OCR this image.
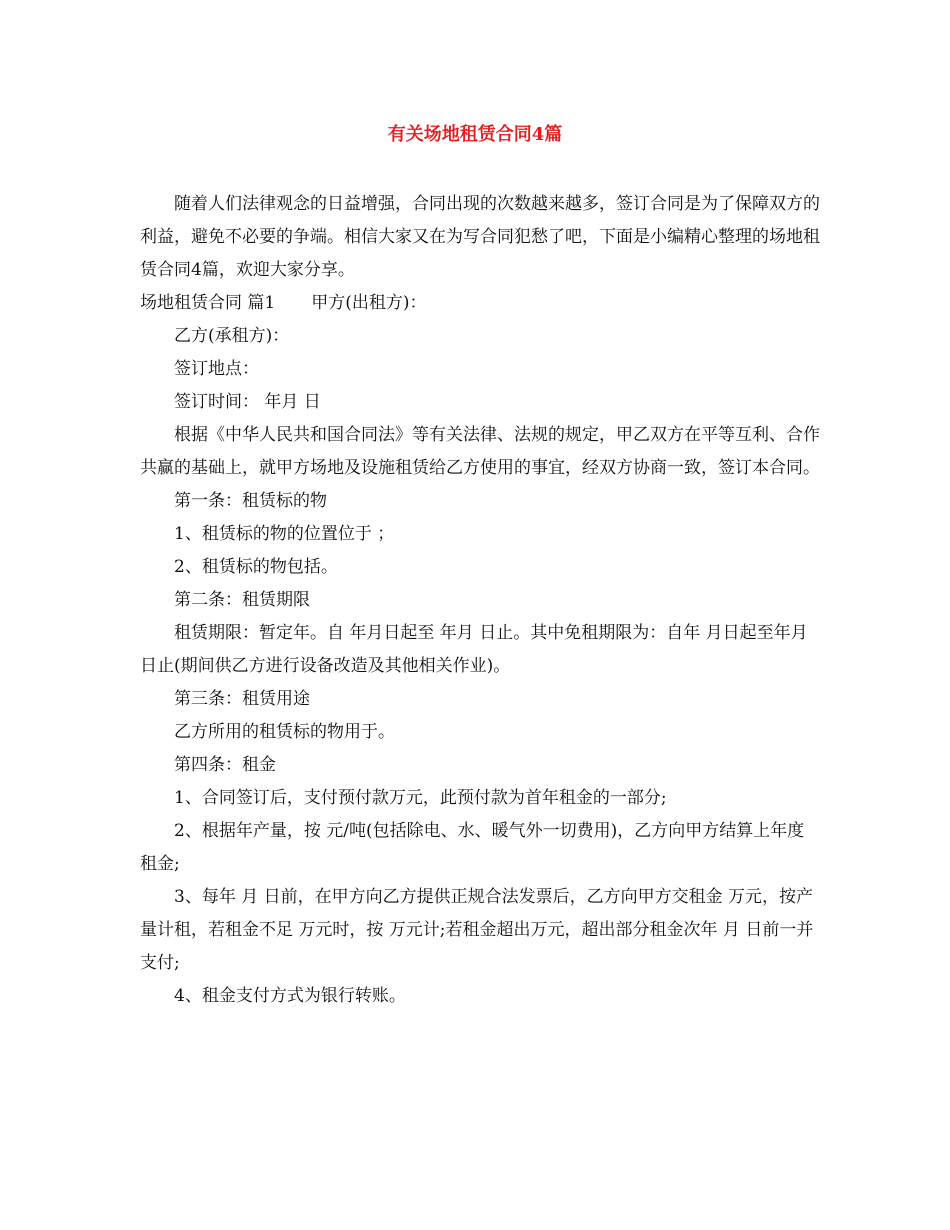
有关场地租赁合同4篇

随着人们法律观念的日益增强，合同出现的次数越来越多，签订合同是为了保障双方的利益，避免不必要的争端。相信大家又在为写合同犯愁了吧，下面是小编精心整理的场地租赁合同4篇，欢迎大家分享。

场地租赁合同 篇1 甲方(出租方)：

乙方(承租方)：

签订地点：

签订时间： 年月 日

根据《中华人民共和国合同法》等有关法律、法规的规定，甲乙双方在平等互利、合作共赢的基础上，就甲方场地及设施租赁给乙方使用的事宜，经双方协商一致，签订本合同。

第一条：租赁标的物

1、租赁标的物的位置位于 ；

2、租赁标的物包括。

第二条：租赁期限

租赁期限：暂定年。自 年月日起至 年月 日止。其中免租期限为：自年 月日起至年月 日止(期间供乙方进行设备改造及其他相关作业)。

第三条：租赁用途

乙方所用的租赁标的物用于。

第四条：租金

1、合同签订后，支付预付款万元，此预付款为首年租金的一部分;

2、根据年产量，按 元/吨(包括除电、水、暖气外一切费用)，乙方向甲方结算上年度租金;

3、每年 月 日前，在甲方向乙方提供正规合法发票后，乙方向甲方交租金 万元，按产量计租，若租金不足 万元时，按 万元计;若租金超出万元，超出部分租金次年 月 日前一并支付;

4、租金支付方式为银行转账。
